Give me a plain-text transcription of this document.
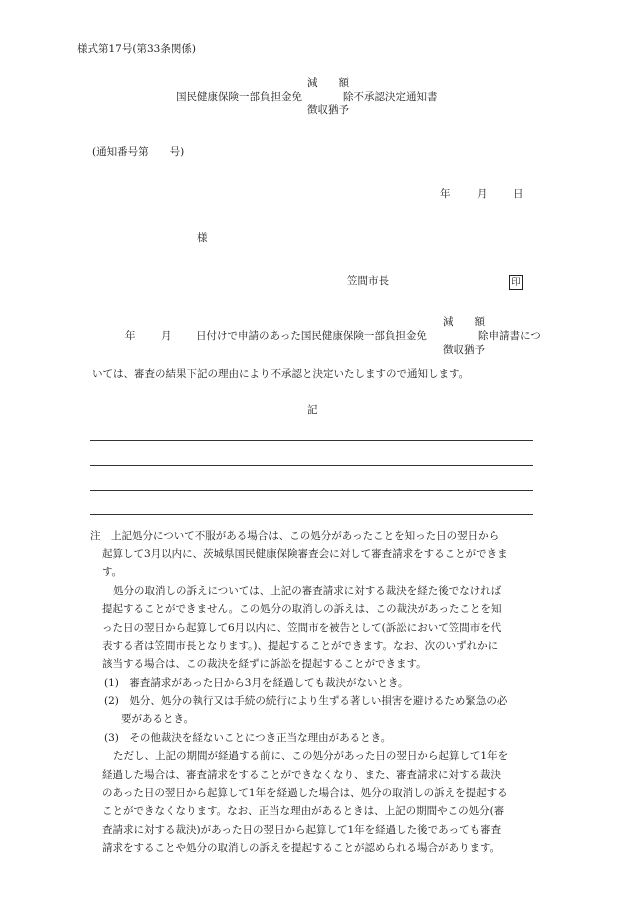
様式第17号(第33条関係)
減　　額
国民健康保険一部負担金免	除不承認決定通知書
徴収猶予
(通知番号第　　号)
年	月 日
様
笠間市長	印
減　　額
年 月 日付けで申請のあった国民健康保険一部負担金免	除申請書につ
徴収猶予
いては、審査の結果下記の理由により不承認と決定いたしますので通知します。
記
注　上記処分について不服がある場合は、この処分があったことを知った日の翌日から
起算して3月以内に、茨城県国民健康保険審査会に対して審査請求をすることができま
す。
処分の取消しの訴えについては、上記の審査請求に対する裁決を経た後でなければ
提起することができません。この処分の取消しの訴えは、この裁決があったことを知
った日の翌日から起算して6月以内に、笠間市を被告として(訴訟において笠間市を代
表する者は笠間市長となります。)、提起することができます。なお、次のいずれかに
該当する場合は、この裁決を経ずに訴訟を提起することができます。
(1)　審査請求があった日から3月を経過しても裁決がないとき。
(2)　処分、処分の執行又は手続の続行により生ずる著しい損害を避けるため緊急の必
要があるとき。
(3)　その他裁決を経ないことにつき正当な理由があるとき。
ただし、上記の期間が経過する前に、この処分があった日の翌日から起算して1年を
経過した場合は、審査請求をすることができなくなり、また、審査請求に対する裁決
のあった日の翌日から起算して1年を経過した場合は、処分の取消しの訴えを提起する
ことができなくなります。なお、正当な理由があるときは、上記の期間やこの処分(審
査請求に対する裁決)があった日の翌日から起算して1年を経過した後であっても審査
請求をすることや処分の取消しの訴えを提起することが認められる場合があります。
